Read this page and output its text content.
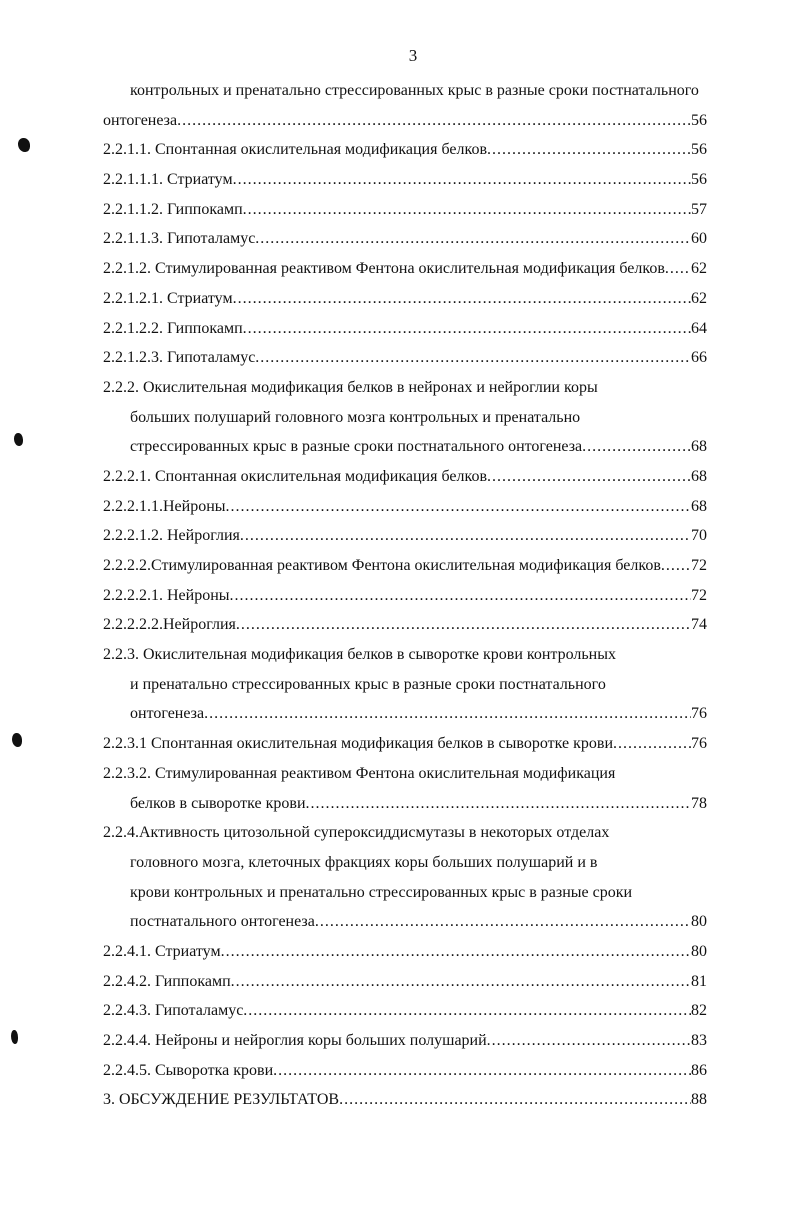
3
контрольных и пренатально стрессированных крыс в разные сроки постнатального
онтогенеза .....	56
2.2.1.1. Спонтанная окислительная модификация белков .....	56
2.2.1.1.1. Стриатум .....	56
2.2.1.1.2. Гиппокамп .....	57
2.2.1.1.3. Гипоталамус .....	60
2.2.1.2. Стимулированная реактивом Фентона окислительная модификация белков ..... 62
2.2.1.2.1. Стриатум .....	62
2.2.1.2.2. Гиппокамп .....	64
2.2.1.2.3. Гипоталамус .....	66
2.2.2. Окислительная модификация белков в нейронах и нейроглии коры
больших полушарий головного мозга контрольных и пренатально
стрессированных крыс в разные сроки постнатального онтогенеза .....	68
2.2.2.1. Спонтанная окислительная модификация белков .....	68
2.2.2.1.1.Нейроны .....	68
2.2.2.1.2. Нейроглия .....	70
2.2.2.2.Стимулированная реактивом Фентона окислительная модификация белков ..... 72
2.2.2.2.1. Нейроны .....	72
2.2.2.2.2.Нейроглия .....	74
2.2.3. Окислительная модификация белков в сыворотке крови контрольных
и пренатально стрессированных крыс в разные сроки постнатального
онтогенеза .....	76
2.2.3.1 Спонтанная окислительная модификация белков в сыворотке крови .....	76
2.2.3.2. Стимулированная реактивом Фентона окислительная модификация
белков в сыворотке крови .....	78
2.2.4.Активность цитозольной супероксиддисмутазы в некоторых отделах
головного мозга, клеточных фракциях коры больших полушарий и в
крови контрольных и пренатально стрессированных крыс в разные сроки
постнатального онтогенеза .....	80
2.2.4.1. Стриатум .....	80
2.2.4.2. Гиппокамп .....	81
2.2.4.3. Гипоталамус .....	82
2.2.4.4. Нейроны и нейроглия коры больших полушарий .....	83
2.2.4.5. Сыворотка крови .....	86
3. ОБСУЖДЕНИЕ РЕЗУЛЬТАТОВ .....	88
